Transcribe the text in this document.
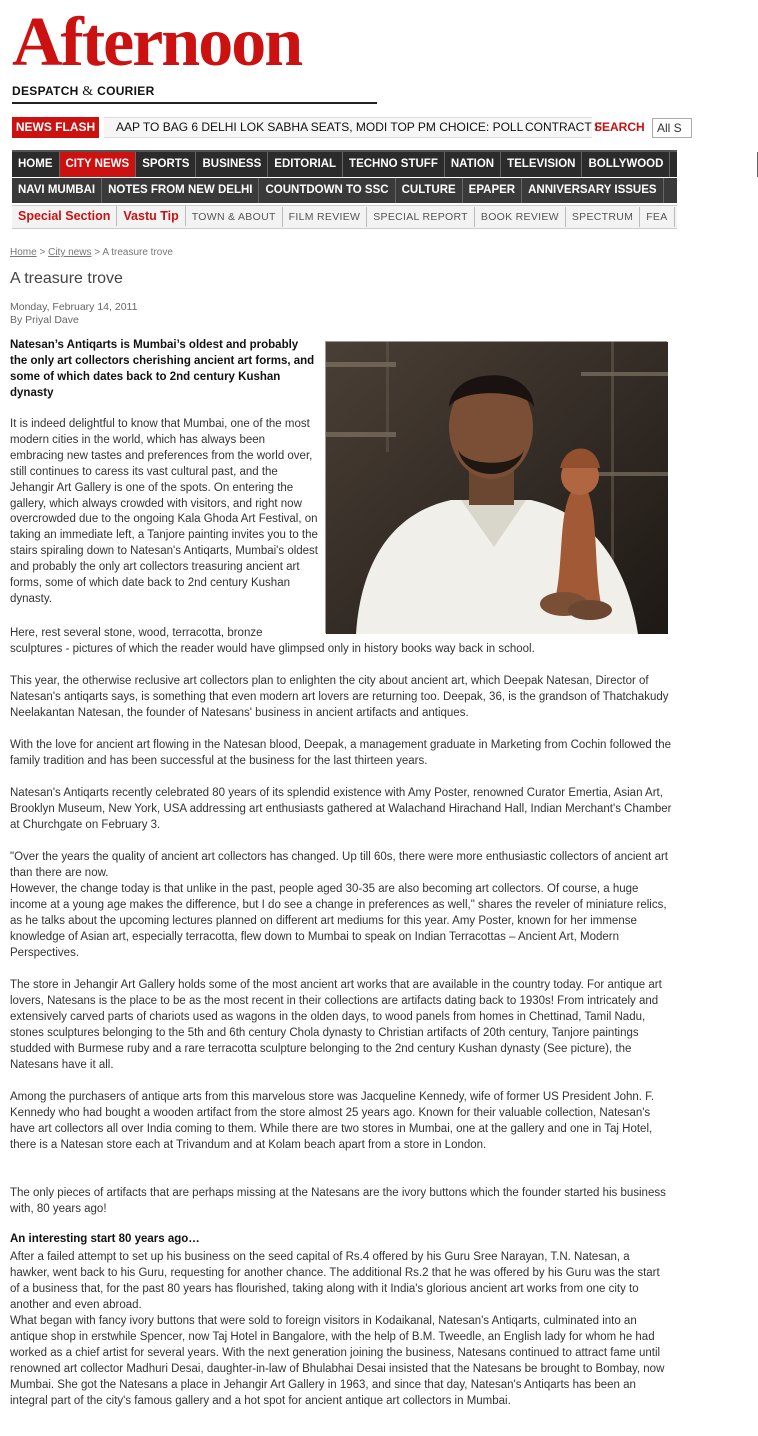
Afternoon
DESPATCH & COURIER
NEWS FLASH	AAP TO BAG 6 DELHI LOK SABHA SEATS, MODI TOP PM CHOICE: POLL CONTRACT F
SEARCH	All S
HOME CITY NEWS SPORTS BUSINESS EDITORIAL TECHNO STUFF NATION TELEVISION BOLLYWOOD HOLLYWOOD
NAVI MUMBAI NOTES FROM NEW DELHI COUNTDOWN TO SSC CULTURE EPAPER ANNIVERSARY ISSUES
Special Section Vastu Tip TOWN & ABOUT FILM REVIEW SPECIAL REPORT BOOK REVIEW SPECTRUM FEA
Home > City news > A treasure trove
A treasure trove
Monday, February 14, 2011
By Priyal Dave
Natesan’s Antiqarts is Mumbai’s oldest and probably the only art collectors cherishing ancient art forms, and some of which dates back to 2nd century Kushan dynasty

It is indeed delightful to know that Mumbai, one of the most modern cities in the world, which has always been embracing new tastes and preferences from the world over, still continues to caress its vast cultural past, and the Jehangir Art Gallery is one of the spots. On entering the gallery, which always crowded with visitors, and right now overcrowded due to the ongoing Kala Ghoda Art Festival, on taking an immediate left, a Tanjore painting invites you to the stairs spiraling down to Natesan's Antiqarts, Mumbai's oldest and probably the only art collectors treasuring ancient art forms, some of which date back to 2nd century Kushan dynasty.

Here, rest several stone, wood, terracotta, bronze

sculptures - pictures of which the reader would have glimpsed only in history books way back in school.

This year, the otherwise reclusive art collectors plan to enlighten the city about ancient art, which Deepak Natesan, Director of Natesan's antiqarts says, is something that even modern art lovers are returning too. Deepak, 36, is the grandson of Thatchakudy Neelakantan Natesan, the founder of Natesans' business in ancient artifacts and antiques.

With the love for ancient art flowing in the Natesan blood, Deepak, a management graduate in Marketing from Cochin followed the family tradition and has been successful at the business for the last thirteen years.

Natesan's Antiqarts recently celebrated 80 years of its splendid existence with Amy Poster, renowned Curator Emertia, Asian Art, Brooklyn Museum, New York, USA addressing art enthusiasts gathered at Walachand Hirachand Hall, Indian Merchant's Chamber at Churchgate on February 3.

"Over the years the quality of ancient art collectors has changed. Up till 60s, there were more enthusiastic collectors of ancient art than there are now.

However, the change today is that unlike in the past, people aged 30-35 are also becoming art collectors. Of course, a huge income at a young age makes the difference, but I do see a change in preferences as well," shares the reveler of miniature relics, as he talks about the upcoming lectures planned on different art mediums for this year. Amy Poster, known for her immense knowledge of Asian art, especially terracotta, flew down to Mumbai to speak on Indian Terracottas – Ancient Art, Modern Perspectives.

The store in Jehangir Art Gallery holds some of the most ancient art works that are available in the country today. For antique art lovers, Natesans is the place to be as the most recent in their collections are artifacts dating back to 1930s! From intricately and extensively carved parts of chariots used as wagons in the olden days, to wood panels from homes in Chettinad, Tamil Nadu, stones sculptures belonging to the 5th and 6th century Chola dynasty to Christian artifacts of 20th century, Tanjore paintings studded with Burmese ruby and a rare terracotta sculpture belonging to the 2nd century Kushan dynasty (See picture), the Natesans have it all.

Among the purchasers of antique arts from this marvelous store was Jacqueline Kennedy, wife of former US President John. F. Kennedy who had bought a wooden artifact from the store almost 25 years ago. Known for their valuable collection, Natesan's have art collectors all over India coming to them. While there are two stores in Mumbai, one at the gallery and one in Taj Hotel, there is a Natesan store each at Trivandum and at Kolam beach apart from a store in London.

The only pieces of artifacts that are perhaps missing at the Natesans are the ivory buttons which the founder started his business with, 80 years ago!

An interesting start 80 years ago…

After a failed attempt to set up his business on the seed capital of Rs.4 offered by his Guru Sree Narayan, T.N. Natesan, a hawker, went back to his Guru, requesting for another chance. The additional Rs.2 that he was offered by his Guru was the start of a business that, for the past 80 years has flourished, taking along with it India's glorious ancient art works from one city to another and even abroad.

What began with fancy ivory buttons that were sold to foreign visitors in Kodaikanal, Natesan's Antiqarts, culminated into an antique shop in erstwhile Spencer, now Taj Hotel in Bangalore, with the help of B.M. Tweedle, an English lady for whom he had worked as a chief artist for several years. With the next generation joining the business, Natesans continued to attract fame until renowned art collector Madhuri Desai, daughter-in-law of Bhulabhai Desai insisted that the Natesans be brought to Bombay, now Mumbai. She got the Natesans a place in Jehangir Art Gallery in 1963, and since that day, Natesan's Antiqarts has been an integral part of the city's famous gallery and a hot spot for ancient antique art collectors in Mumbai.
